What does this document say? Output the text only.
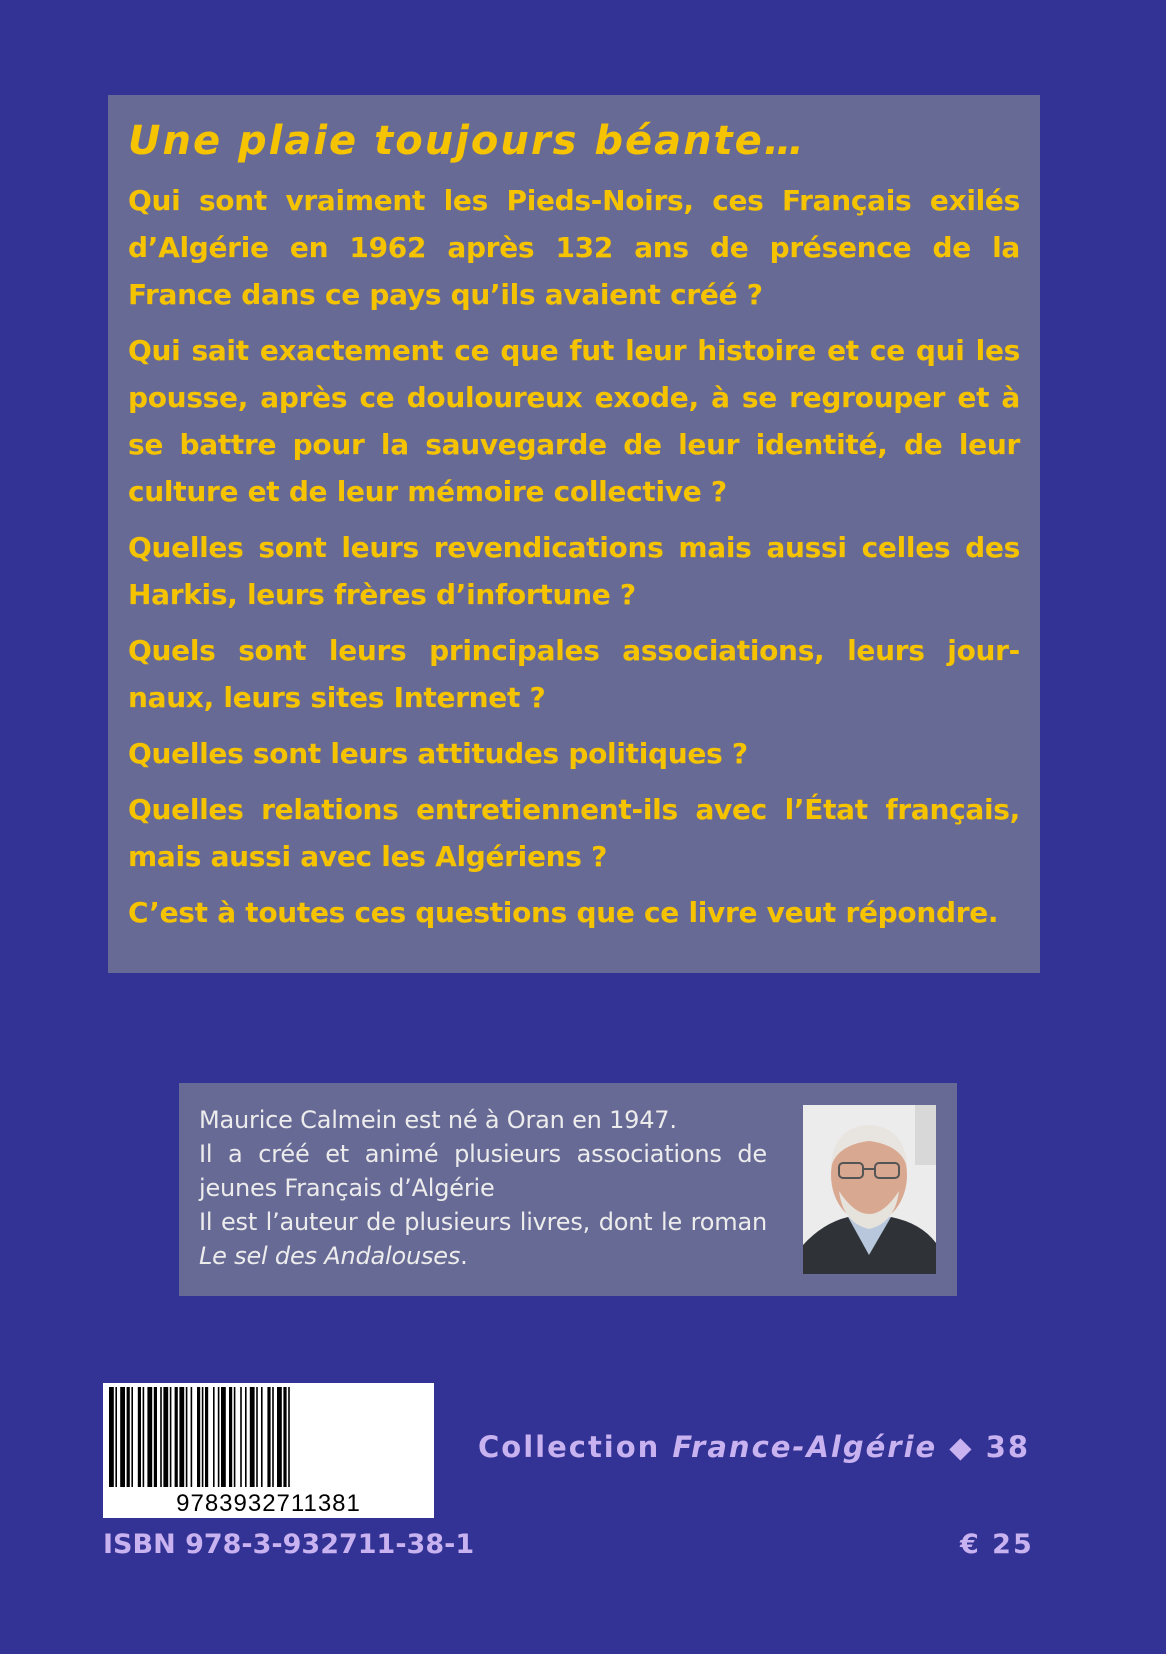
Une plaie toujours béante…

Qui sont vraiment les Pieds-Noirs, ces Français exilés d’Algérie en 1962 après 132 ans de présence de la France dans ce pays qu’ils avaient créé ?

Qui sait exactement ce que fut leur histoire et ce qui les pousse, après ce douloureux exode, à se regrouper et à se battre pour la sauvegarde de leur identité, de leur culture et de leur mémoire collective ?

Quelles sont leurs revendications mais aussi celles des Harkis, leurs frères d’infortune ?

Quels sont leurs principales associations, leurs jour-naux, leurs sites Internet ?

Quelles sont leurs attitudes politiques ?

Quelles relations entretiennent-ils avec l’État français, mais aussi avec les Algériens ?

C’est à toutes ces questions que ce livre veut répondre.

Maurice Calmein est né à Oran en 1947.
Il a créé et animé plusieurs associations de jeunes Français d’Algérie
Il est l’auteur de plusieurs livres, dont le roman Le sel des Andalouses.
9783932711381
Collection France-Algérie ◆ 38
ISBN 978-3-932711-38-1	€ 25
